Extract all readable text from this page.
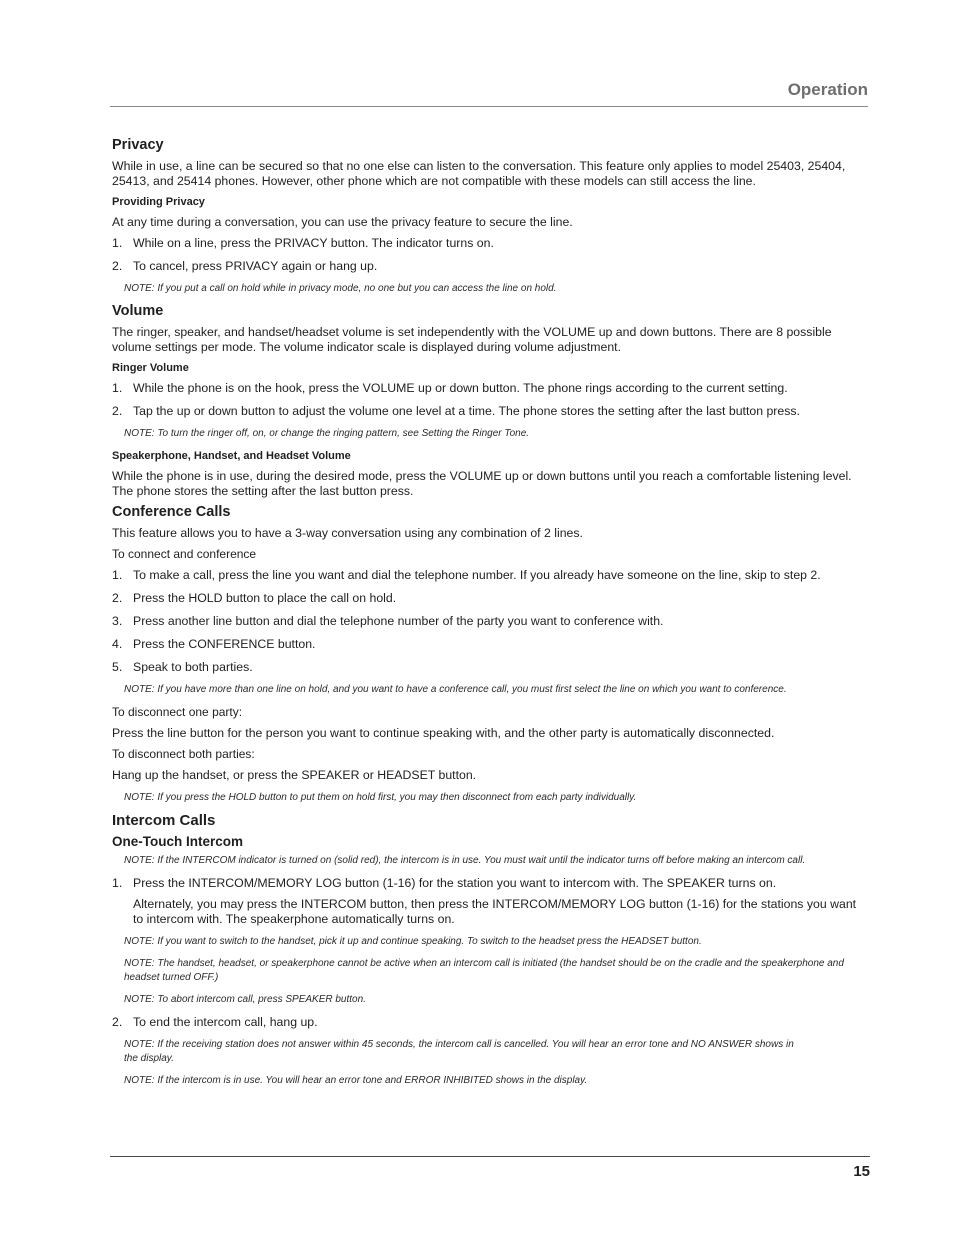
Operation
Privacy

While in use, a line can be secured so that no one else can listen to the conversation. This feature only applies to model 25403, 25404, 25413, and 25414 phones. However, other phone which are not compatible with these models can still access the line.

Providing Privacy

At any time during a conversation, you can use the privacy feature to secure the line.

1. While on a line, press the PRIVACY button. The indicator turns on.
2. To cancel, press PRIVACY again or hang up.
NOTE: If you put a call on hold while in privacy mode, no one but you can access the line on hold.
Volume

The ringer, speaker, and handset/headset volume is set independently with the VOLUME up and down buttons. There are 8 possible volume settings per mode. The volume indicator scale is displayed during volume adjustment.

Ringer Volume
1. While the phone is on the hook, press the VOLUME up or down button. The phone rings according to the current setting.
2. Tap the up or down button to adjust the volume one level at a time. The phone stores the setting after the last button press.
NOTE: To turn the ringer off, on, or change the ringing pattern, see Setting the Ringer Tone.
Speakerphone, Handset, and Headset Volume

While the phone is in use, during the desired mode, press the VOLUME up or down buttons until you reach a comfortable listening level. The phone stores the setting after the last button press.

Conference Calls

This feature allows you to have a 3-way conversation using any combination of 2 lines.

To connect and conference
1. To make a call, press the line you want and dial the telephone number. If you already have someone on the line, skip to step 2.
2. Press the HOLD button to place the call on hold.
3. Press another line button and dial the telephone number of the party you want to conference with.
4. Press the CONFERENCE button.
5. Speak to both parties.
NOTE: If you have more than one line on hold, and you want to have a conference call, you must first select the line on which you want to conference.
To disconnect one party:

Press the line button for the person you want to continue speaking with, and the other party is automatically disconnected.

To disconnect both parties:

Hang up the handset, or press the SPEAKER or HEADSET button.

NOTE: If you press the HOLD button to put them on hold first, you may then disconnect from each party individually.
Intercom Calls
One-Touch Intercom
NOTE: If the INTERCOM indicator is turned on (solid red), the intercom is in use. You must wait until the indicator turns off before making an intercom call.
1. Press the INTERCOM/MEMORY LOG button (1-16) for the station you want to intercom with. The SPEAKER turns on.
Alternately, you may press the INTERCOM button, then press the INTERCOM/MEMORY LOG button (1-16) for the stations you want to intercom with. The speakerphone automatically turns on.
NOTE: If you want to switch to the handset, pick it up and continue speaking. To switch to the headset press the HEADSET button.
NOTE: The handset, headset, or speakerphone cannot be active when an intercom call is initiated (the handset should be on the cradle and the speakerphone and headset turned OFF.)
NOTE: To abort intercom call, press SPEAKER button.
2. To end the intercom call, hang up.
NOTE: If the receiving station does not answer within 45 seconds, the intercom call is cancelled. You will hear an error tone and NO ANSWER shows in the display.
NOTE: If the intercom is in use. You will hear an error tone and ERROR INHIBITED shows in the display.
15
